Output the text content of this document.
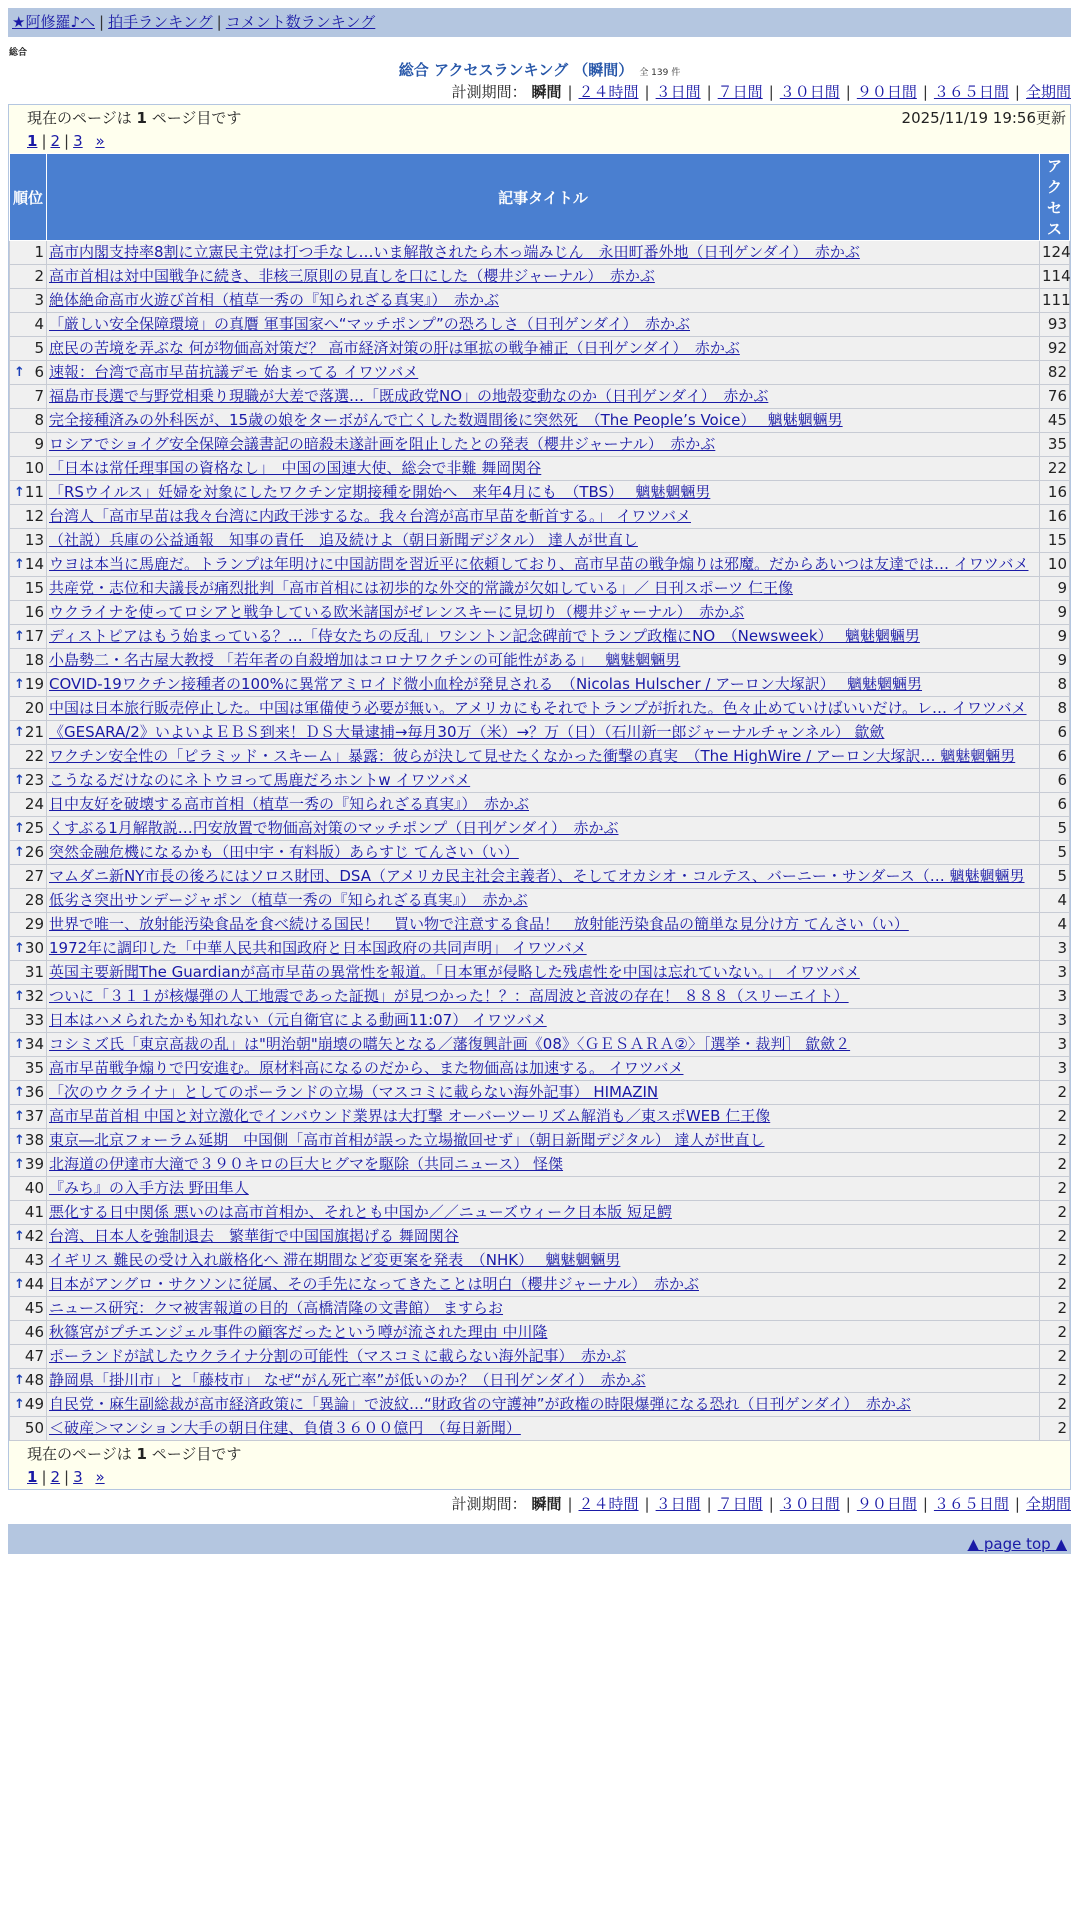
★阿修羅♪へ | 拍手ランキング | コメント数ランキング
総合
総合 アクセスランキング （瞬間） 全 139 件
計測期間： 瞬間 | ２４時間 | ３日間 | ７日間 | ３０日間 | ９０日間 | ３６５日間 | 全期間
現在のページは 1 ページ目です	2025/11/19 19:56更新
1 | 2 | 3 »
順位	記事タイトル	アクセス
1	高市内閣支持率8割に立憲民主党は打つ手なし…いま解散されたら木っ端みじん　永田町番外地（日刊ゲンダイ）　赤かぶ	124
2	高市首相は対中国戦争に続き、非核三原則の見直しを口にした（櫻井ジャーナル）　赤かぶ	114
3	絶体絶命高市火遊び首相（植草一秀の『知られざる真実』）　赤かぶ	111
4	「厳しい安全保障環境」の真贋 軍事国家へ“マッチポンプ”の恐ろしさ（日刊ゲンダイ）　赤かぶ	93
5	庶民の苦境を弄ぶな 何が物価高対策だ？ 高市経済対策の肝は軍拡の戦争補正（日刊ゲンダイ）　赤かぶ	92

↑ 6	速報：台湾で高市早苗抗議デモ 始まってる イワツバメ	82
7	福島市長選で与野党相乗り現職が大差で落選…「既成政党NO」の地殻変動なのか（日刊ゲンダイ）　赤かぶ	76
8	完全接種済みの外科医が、15歳の娘をターボがんで亡くした数週間後に突然死　（The People’s Voice）　 魑魅魍魎男	45
9	ロシアでショイグ安全保障会議書記の暗殺未遂計画を阻止したとの発表（櫻井ジャーナル）　赤かぶ	35
10	「日本は常任理事国の資格なし」　中国の国連大使、総会で非難 舞岡関谷	22

↑ 11	「RSウイルス」妊婦を対象にしたワクチン定期接種を開始へ　来年4月にも　（TBS）　 魑魅魍魎男	16
12	台湾人「高市早苗は我々台湾に内政干渉するな。我々台湾が高市早苗を斬首する。」 イワツバメ	16
13	（社説）兵庫の公益通報　知事の責任　追及続けよ（朝日新聞デジタル） 達人が世直し	15

↑ 14	ウヨは本当に馬鹿だ。トランプは年明けに中国訪問を習近平に依頼しており、高市早苗の戦争煽りは邪魔。だからあいつは友達では… イワツバメ	10
15	共産党・志位和夫議長が痛烈批判「高市首相には初歩的な外交的常識が欠如している」／ 日刊スポーツ 仁王像	9
16	ウクライナを使ってロシアと戦争している欧米諸国がゼレンスキーに見切り（櫻井ジャーナル）　赤かぶ	9

↑ 17	ディストピアはもう始まっている？…「侍女たちの反乱」ワシントン記念碑前でトランプ政権にNO　（Newsweek）　 魑魅魍魎男	9
18	小島勢二・名古屋大教授 「若年者の自殺増加はコロナワクチンの可能性がある」　 魑魅魍魎男	9

↑ 19	COVID-19ワクチン接種者の100%に異常アミロイド微小血栓が発見される　（Nicolas Hulscher / アーロン大塚訳）　 魑魅魍魎男	8
20	中国は日本旅行販売停止した。中国は軍備使う必要が無い。アメリカにもそれでトランプが折れた。色々止めていけばいいだけ。レ… イワツバメ	8

↑ 21	《GESARA/2》いよいよＥＢＳ到来！ＤＳ大量逮捕→毎月30万（米）→？万（日）（石川新一郎ジャーナルチャンネル） 歙歛	6
22	ワクチン安全性の「ピラミッド・スキーム」暴露：彼らが決して見せたくなかった衝撃の真実　（The HighWire / アーロン大塚訳… 魑魅魍魎男	6

↑ 23	こうなるだけなのにネトウヨって馬鹿だろホントw イワツバメ	6
24	日中友好を破壊する高市首相（植草一秀の『知られざる真実』）　赤かぶ	6

↑ 25	くすぶる1月解散説…円安放置で物価高対策のマッチポンプ（日刊ゲンダイ）　赤かぶ	5

↑ 26	突然金融危機になるかも（田中宇・有料版）あらすじ てんさい（い）	5
27	マムダニ新NY市長の後ろにはソロス財団、DSA（アメリカ民主社会主義者）、そしてオカシオ・コルテス、バーニー・サンダース（… 魑魅魍魎男	5
28	低劣さ突出サンデージャポン（植草一秀の『知られざる真実』）　赤かぶ	4
29	世界で唯一、放射能汚染食品を食べ続ける国民！　買い物で注意する食品！　放射能汚染食品の簡単な見分け方 てんさい（い）	4

↑ 30	1972年に調印した「中華人民共和国政府と日本国政府の共同声明」 イワツバメ	3
31	英国主要新聞The Guardianが高市早苗の異常性を報道。「日本軍が侵略した残虐性を中国は忘れていない。」 イワツバメ	3

↑ 32	ついに「３１１が核爆弾の人工地震であった証拠」が見つかった！？：高周波と音波の存在！ ８８８（スリーエイト）	3
33	日本はハメられたかも知れない（元自衛官による動画11:07） イワツバメ	3

↑ 34	コシミズ氏「東京高裁の乱」は"明治朝"崩壊の嚆矢となる／藩復興計画《08》〈ＧＥＳＡＲＡ②〉［選挙・裁判］ 歙歛２	3
35	高市早苗戦争煽りで円安進む。原材料高になるのだから、また物価高は加速する。 イワツバメ	3

↑ 36	「次のウクライナ」としてのポーランドの立場（マスコミに載らない海外記事） HIMAZIN	2

↑ 37	高市早苗首相 中国と対立激化でインバウンド業界は大打撃 オーバーツーリズム解消も／東スポWEB 仁王像	2

↑ 38	東京―北京フォーラム延期　中国側「高市首相が誤った立場撤回せず」（朝日新聞デジタル） 達人が世直し	2

↑ 39	北海道の伊達市大滝で３９０キロの巨大ヒグマを駆除（共同ニュース） 怪傑	2
40	『みち』の入手方法 野田隼人	2
41	悪化する日中関係 悪いのは高市首相か、それとも中国か／／ニューズウィーク日本版 短足鰐	2

↑ 42	台湾、日本人を強制退去　繁華街で中国国旗掲げる 舞岡関谷	2
43	イギリス 難民の受け入れ厳格化へ 滞在期間など変更案を発表　（NHK）　 魑魅魍魎男	2

↑ 44	日本がアングロ・サクソンに従属、その手先になってきたことは明白（櫻井ジャーナル）　赤かぶ	2
45	ニュース研究：クマ被害報道の目的（高橋清隆の文書館） ますらお	2
46	秋篠宮がプチエンジェル事件の顧客だったという噂が流された理由 中川隆	2
47	ポーランドが試したウクライナ分割の可能性（マスコミに載らない海外記事）　赤かぶ	2

↑ 48	静岡県「掛川市」と「藤枝市」 なぜ“がん死亡率”が低いのか？（日刊ゲンダイ）　赤かぶ	2

↑ 49	自民党・麻生副総裁が高市経済政策に「異論」で波紋…“財政省の守護神”が政権の時限爆弾になる恐れ（日刊ゲンダイ）　赤かぶ	2
50	＜破産＞マンション大手の朝日住建、負債３６００億円　（毎日新聞）	2
現在のページは 1 ページ目です
1 | 2 | 3 »
計測期間： 瞬間 | ２４時間 | ３日間 | ７日間 | ３０日間 | ９０日間 | ３６５日間 | 全期間
▲ page top ▲
